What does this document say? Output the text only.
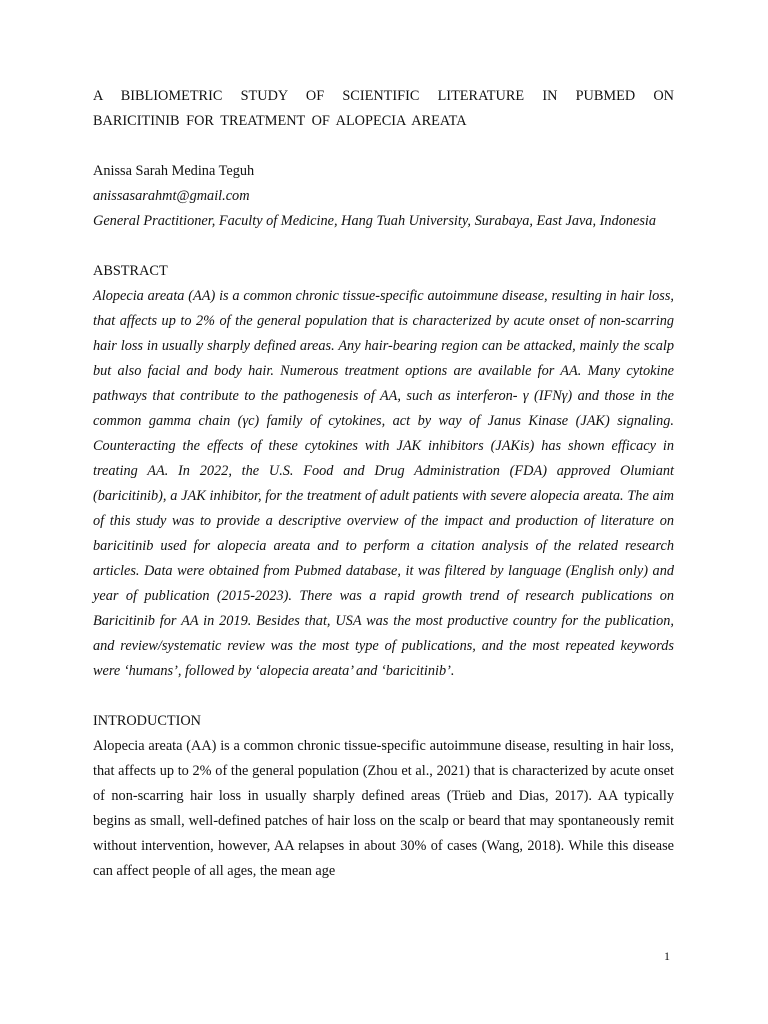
A BIBLIOMETRIC STUDY OF SCIENTIFIC LITERATURE IN PUBMED ON BARICITINIB FOR TREATMENT OF ALOPECIA AREATA

Anissa Sarah Medina Teguh

anissasarahmt@gmail.com

General Practitioner, Faculty of Medicine, Hang Tuah University, Surabaya, East Java, Indonesia

ABSTRACT

Alopecia areata (AA) is a common chronic tissue-specific autoimmune disease, resulting in hair loss, that affects up to 2% of the general population that is characterized by acute onset of non-scarring hair loss in usually sharply defined areas. Any hair-bearing region can be attacked, mainly the scalp but also facial and body hair. Numerous treatment options are available for AA. Many cytokine pathways that contribute to the pathogenesis of AA, such as interferon- γ (IFNγ) and those in the common gamma chain (γc) family of cytokines, act by way of Janus Kinase (JAK) signaling. Counteracting the effects of these cytokines with JAK inhibitors (JAKis) has shown efficacy in treating AA. In 2022, the U.S. Food and Drug Administration (FDA) approved Olumiant (baricitinib), a JAK inhibitor, for the treatment of adult patients with severe alopecia areata. The aim of this study was to provide a descriptive overview of the impact and production of literature on baricitinib used for alopecia areata and to perform a citation analysis of the related research articles. Data were obtained from Pubmed database, it was filtered by language (English only) and year of publication (2015-2023). There was a rapid growth trend of research publications on Baricitinib for AA in 2019. Besides that, USA was the most productive country for the publication, and review/systematic review was the most type of publications, and the most repeated keywords were ‘humans’, followed by ‘alopecia areata’ and ‘baricitinib’.

INTRODUCTION

Alopecia areata (AA) is a common chronic tissue-specific autoimmune disease, resulting in hair loss, that affects up to 2% of the general population (Zhou et al., 2021) that is characterized by acute onset of non-scarring hair loss in usually sharply defined areas (Trüeb and Dias, 2017). AA typically begins as small, well-defined patches of hair loss on the scalp or beard that may spontaneously remit without intervention, however, AA relapses in about 30% of cases (Wang, 2018). While this disease can affect people of all ages, the mean age

1
